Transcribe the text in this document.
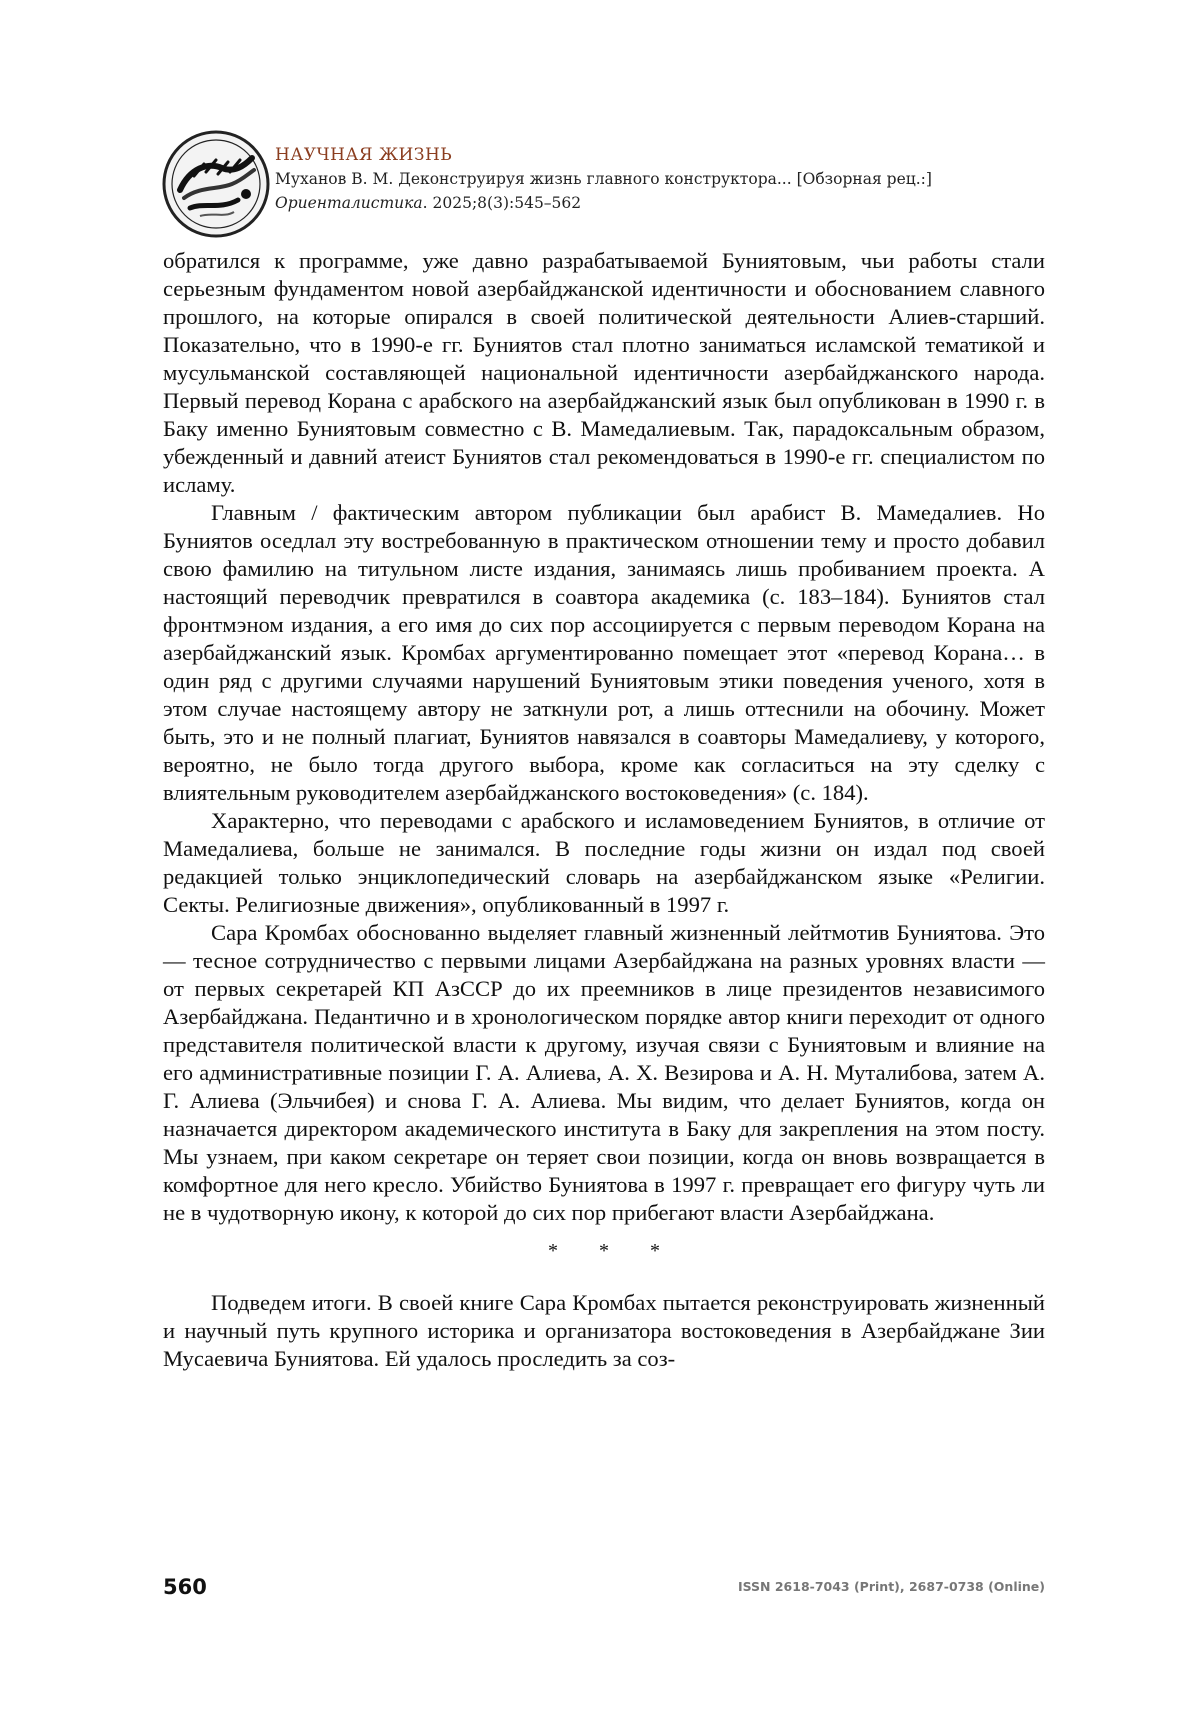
НАУЧНАЯ ЖИЗНЬ
Муханов В. М. Деконструируя жизнь главного конструктора... [Обзорная рец.:]
Ориенталистика. 2025;8(3):545–562

обратился к программе, уже давно разрабатываемой Буниятовым, чьи работы стали серьезным фундаментом новой азербайджанской идентичности и обоснованием славного прошлого, на которые опирался в своей политической деятельности Алиев-старший. Показательно, что в 1990-е гг. Буниятов стал плотно заниматься исламской тематикой и мусульманской составляющей национальной идентичности азербайджанского народа. Первый перевод Корана с арабского на азербайджанский язык был опубликован в 1990 г. в Баку именно Буниятовым совместно с В. Мамедалиевым. Так, парадоксальным образом, убежденный и давний атеист Буниятов стал рекомендоваться в 1990-е гг. специалистом по исламу.

Главным / фактическим автором публикации был арабист В. Мамедалиев. Но Буниятов оседлал эту востребованную в практическом отношении тему и просто добавил свою фамилию на титульном листе издания, занимаясь лишь пробиванием проекта. А настоящий переводчик превратился в соавтора академика (с. 183–184). Буниятов стал фронтмэном издания, а его имя до сих пор ассоциируется с первым переводом Корана на азербайджанский язык. Кромбах аргументированно помещает этот «перевод Корана… в один ряд с другими случаями нарушений Буниятовым этики поведения ученого, хотя в этом случае настоящему автору не заткнули рот, а лишь оттеснили на обочину. Может быть, это и не полный плагиат, Буниятов навязался в соавторы Мамедалиеву, у которого, вероятно, не было тогда другого выбора, кроме как согласиться на эту сделку с влиятельным руководителем азербайджанского востоковедения» (с. 184).

Характерно, что переводами с арабского и исламоведением Буниятов, в отличие от Мамедалиева, больше не занимался. В последние годы жизни он издал под своей редакцией только энциклопедический словарь на азербайджанском языке «Религии. Секты. Религиозные движения», опубликованный в 1997 г.

Сара Кромбах обоснованно выделяет главный жизненный лейтмотив Буниятова. Это — тесное сотрудничество с первыми лицами Азербайджана на разных уровнях власти — от первых секретарей КП АзССР до их преемников в лице президентов независимого Азербайджана. Педантично и в хронологическом порядке автор книги переходит от одного представителя политической власти к другому, изучая связи с Буниятовым и влияние на его административные позиции Г. А. Алиева, А. Х. Везирова и А. Н. Муталибова, затем А. Г. Алиева (Эльчибея) и снова Г. А. Алиева. Мы видим, что делает Буниятов, когда он назначается директором академического института в Баку для закрепления на этом посту. Мы узнаем, при каком секретаре он теряет свои позиции, когда он вновь возвращается в комфортное для него кресло. Убийство Буниятова в 1997 г. превращает его фигуру чуть ли не в чудотворную икону, к которой до сих пор прибегают власти Азербайджана.

* * *

Подведем итоги. В своей книге Сара Кромбах пытается реконструировать жизненный и научный путь крупного историка и организатора востоковедения в Азербайджане Зии Мусаевича Буниятова. Ей удалось проследить за соз-

560	ISSN 2618-7043 (Print), 2687-0738 (Online)
